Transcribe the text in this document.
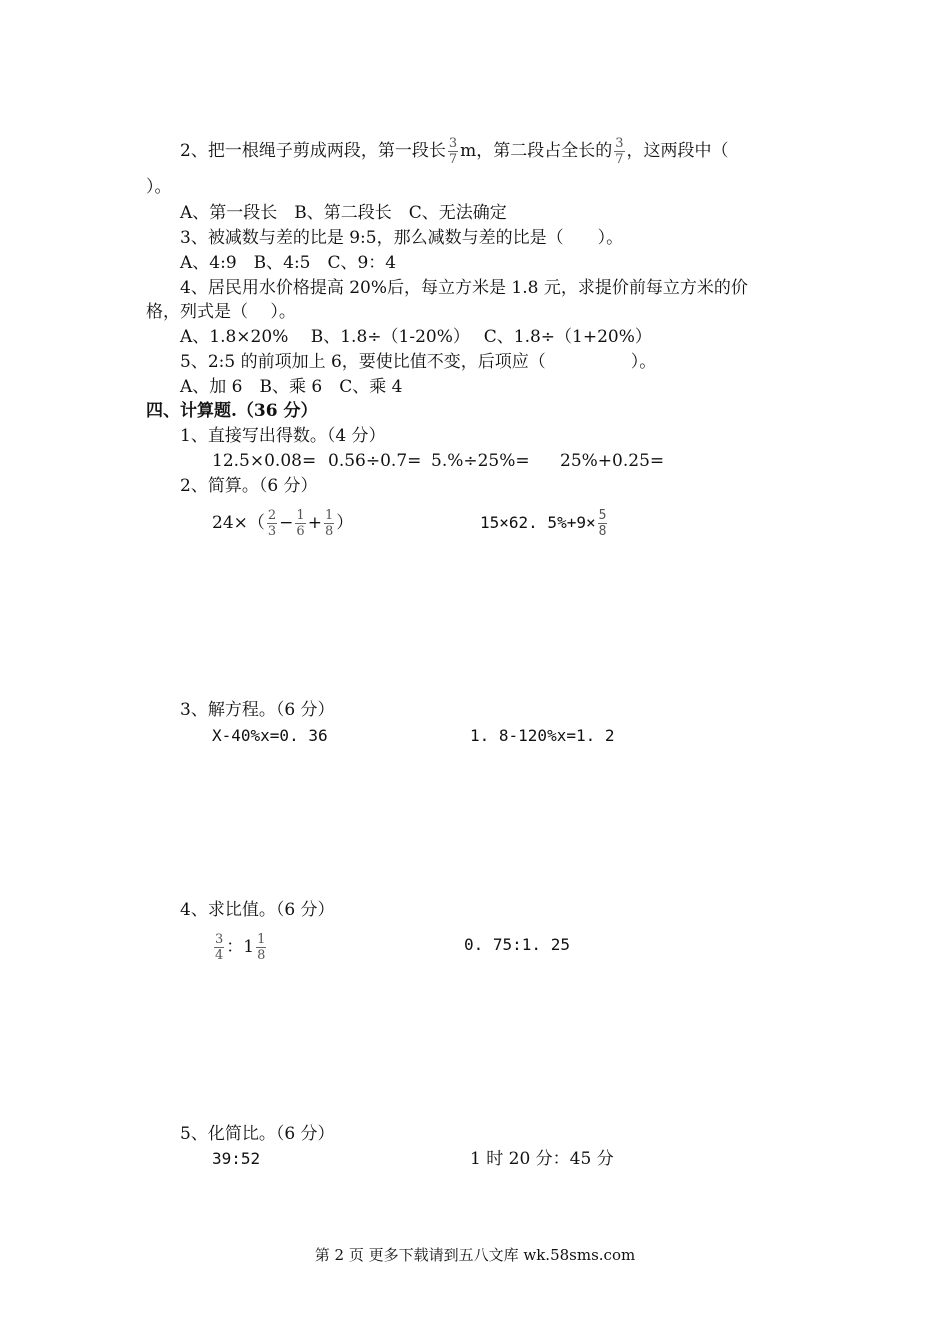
2、把一根绳子剪成两段，第一段长 $\frac{3}{7}$ m，第二段占全长的 $\frac{3}{7}$ ，这两段中（
）。
A、第一段长　B、第二段长　C、无法确定
3、被减数与差的比是 9:5，那么减数与差的比是（　　）。
A、4:9　B、4:5　C、9：4
4、居民用水价格提高 20%后，每立方米是 1.8 元，求提价前每立方米的价
格，列式是（　 ）。
A、1.8×20%　 B、1.8÷（1-20%）　 C、1.8÷（1+20%）
5、2:5 的前项加上 6，要使比值不变，后项应（　　　　　）。
A、加 6　B、乘 6　C、乘 4
四、计算题.（36 分）
1、直接写出得数。（4 分）
12.5×0.08= 0.56÷0.7= 5.%÷25%= 25%+0.25=
2、简算。（6 分）
$24\times( \frac{2}{3} - \frac{1}{6} + \frac{1}{8}$ ）	15×62. $5\%+9\times \frac{5}{8}$
3、解方程。（6 分）
X-40%x=0. 36	1. 8-120%x=1. 2
4、求比值。（6 分）
$\frac{3}{4}$ ：$1 \frac{1}{8}$	0. 75:1. 25
5、化简比。（6 分）
39:52	1 时 20 分：45 分
第 2 页 更多下载请到五八文库 wk.58sms.com
